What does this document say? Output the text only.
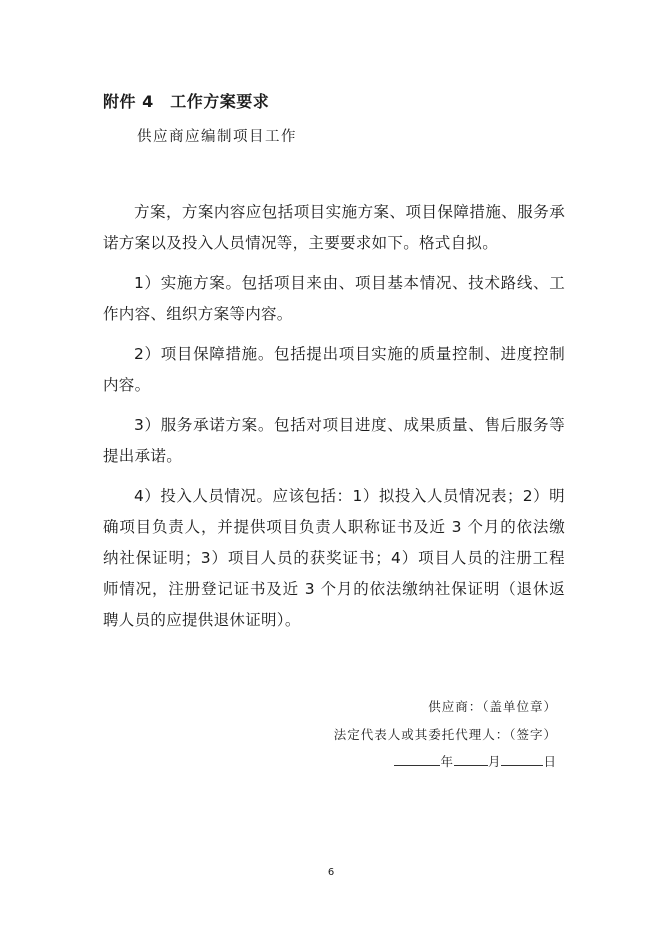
附件 4　工作方案要求
供应商应编制项目工作

方案，方案内容应包括项目实施方案、项目保障措施、服务承诺方案以及投入人员情况等，主要要求如下。格式自拟。

1）实施方案。包括项目来由、项目基本情况、技术路线、工作内容、组织方案等内容。

2）项目保障措施。包括提出项目实施的质量控制、进度控制内容。

3）服务承诺方案。包括对项目进度、成果质量、售后服务等提出承诺。

4）投入人员情况。应该包括：1）拟投入人员情况表；2）明确项目负责人，并提供项目负责人职称证书及近 3 个月的依法缴纳社保证明；3）项目人员的获奖证书；4）项目人员的注册工程师情况，注册登记证书及近 3 个月的依法缴纳社保证明（退休返聘人员的应提供退休证明）。

供应商：（盖单位章）
法定代表人或其委托代理人：（签字）
年	月	日
6
